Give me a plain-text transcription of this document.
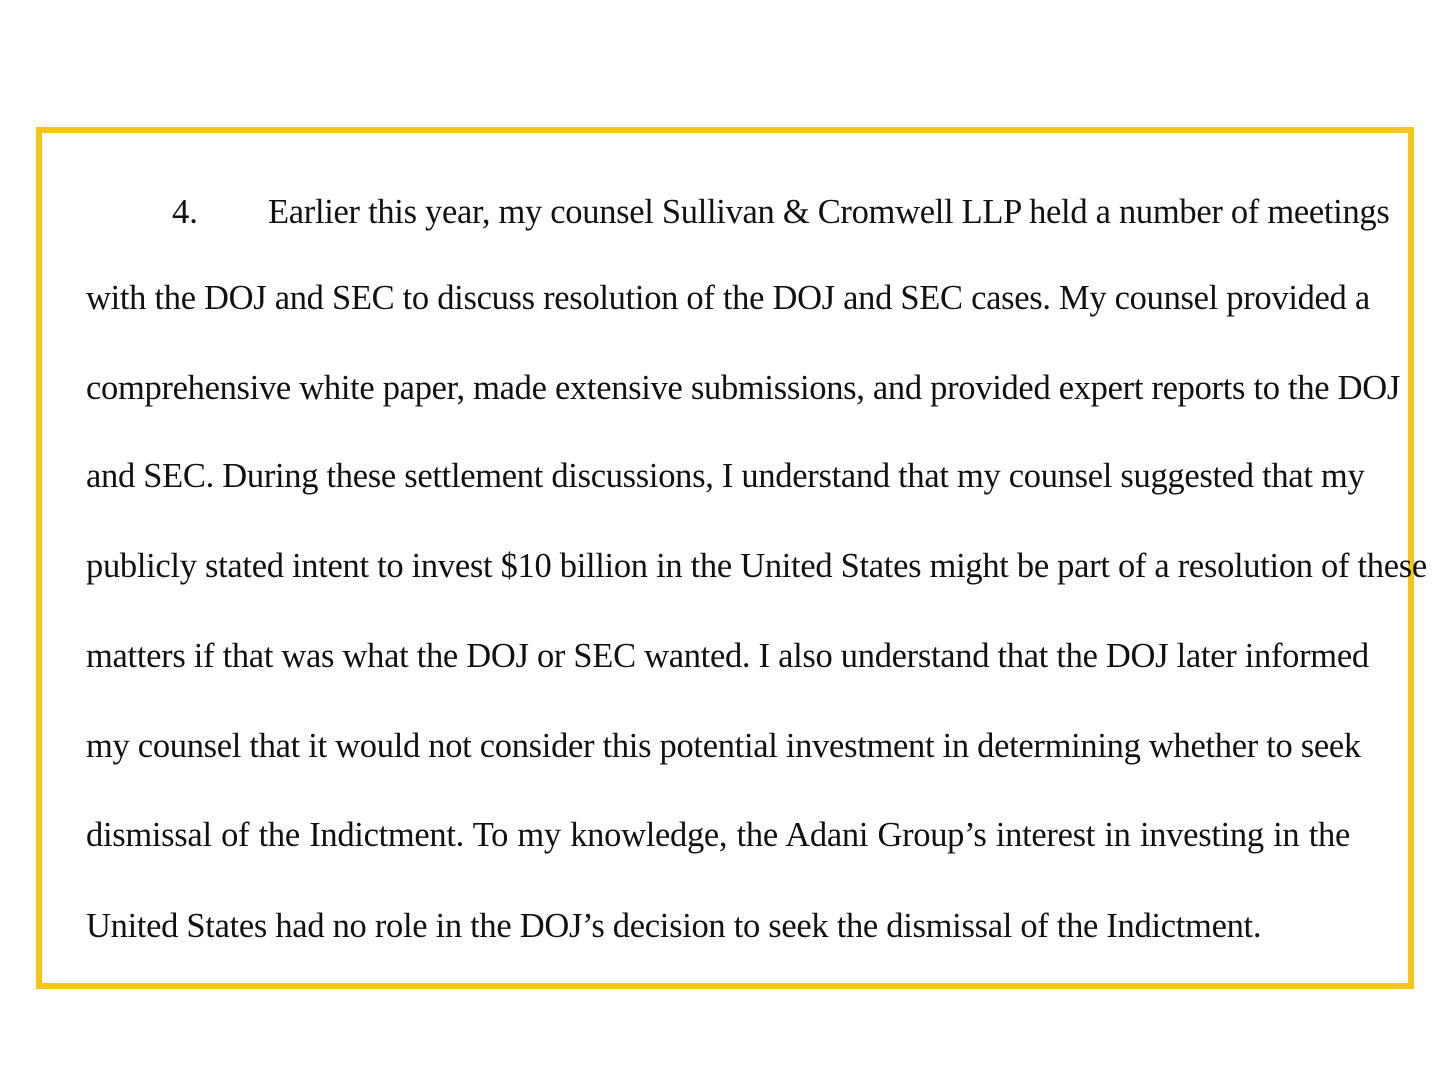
4.	Earlier this year, my counsel Sullivan & Cromwell LLP held a number of meetings
with the DOJ and SEC to discuss resolution of the DOJ and SEC cases. My counsel provided a
comprehensive white paper, made extensive submissions, and provided expert reports to the DOJ
and SEC. During these settlement discussions, I understand that my counsel suggested that my
publicly stated intent to invest $10 billion in the United States might be part of a resolution of these
matters if that was what the DOJ or SEC wanted. I also understand that the DOJ later informed
my counsel that it would not consider this potential investment in determining whether to seek
dismissal of the Indictment. To my knowledge, the Adani Group’s interest in investing in the
United States had no role in the DOJ’s decision to seek the dismissal of the Indictment.
